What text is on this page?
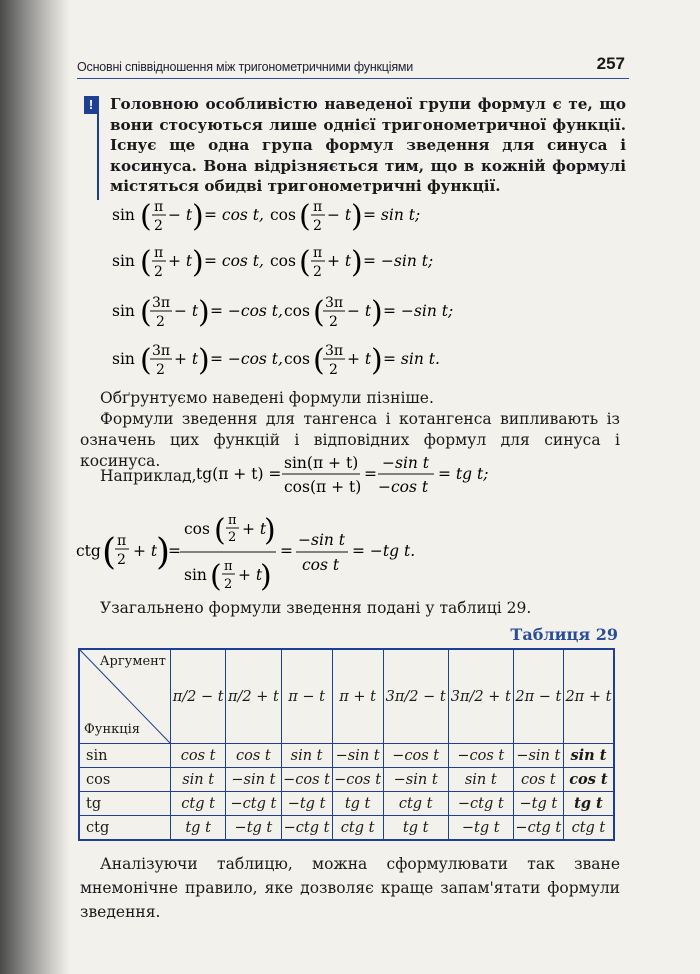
Основні співвідношення між тригонометричними функціями	257
!	Головною особливістю наведеної групи формул є те, що вони стосуються лише однієї тригонометричної функції. Існує ще одна група формул зведення для синуса і косинуса. Вона відрізняється тим, що в кожній формулі містяться обидві тригонометричні функції.
sin ( π
2
− t ) = cos t, cos ( π
2
− t ) = sin t;
sin ( π
2
+ t ) = cos t, cos ( π
2
+ t ) = −sin t;
sin ( 3π
2
− t ) = −cos t, cos ( 3π
2
− t ) = −sin t;
sin ( 3π
2
+ t ) = −cos t, cos ( 3π
2
+ t ) = sin t.
Обґрунтуємо наведені формули пізніше.
Формули зведення для тангенса і котангенса випливають із означень цих функцій і відповідних формул для синуса і косинуса.
Наприклад, tg(π + t) =
sin(π + t)
cos(π + t)
=
−sin t
−cos t
= tg t;
ctg ( π
2 + t
)
=
cos ( π
2 + t
)
sin ( π
2
+ t
)
=
−sin t
cos t
= −tg t.
Узагальнено формули зведення подані у таблиці 29.
Таблиця 29
Аргумент
Функція	π/2 − t	π/2 + t	π − t	π + t	3π/2 − t	3π/2 + t	2π − t	2π + t
sin	cos t	cos t	sin t	−sin t	−cos t	−cos t	−sin t	sin t
cos	sin t	−sin t	−cos t	−cos t	−sin t	sin t	cos t	cos t
tg	ctg t	−ctg t	−tg t	tg t	ctg t	−ctg t	−tg t	tg t
ctg	tg t	−tg t	−ctg t	ctg t	tg t	−tg t	−ctg t	ctg t
Аналізуючи таблицю, можна сформулювати так зване мнемонічне правило, яке дозволяє краще запам'ятати формули зведення.
